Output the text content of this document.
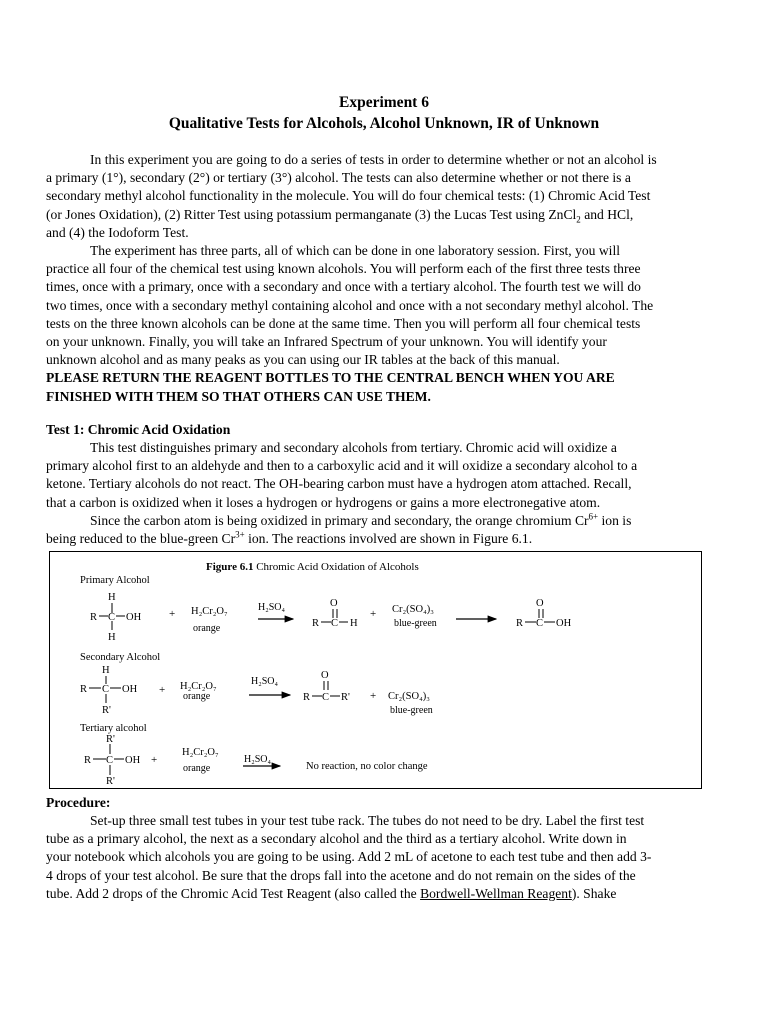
Experiment 6
Qualitative Tests for Alcohols, Alcohol Unknown, IR of Unknown
In this experiment you are going to do a series of tests in order to determine whether or not an alcohol is
a primary (1°), secondary (2°) or tertiary (3°) alcohol. The tests can also determine whether or not there is a
secondary methyl alcohol functionality in the molecule. You will do four chemical tests: (1) Chromic Acid Test
(or Jones Oxidation), (2) Ritter Test using potassium permanganate (3) the Lucas Test using ZnCl$_2$ and HCl,
and (4) the Iodoform Test.
The experiment has three parts, all of which can be done in one laboratory session. First, you will
practice all four of the chemical test using known alcohols. You will perform each of the first three tests three
times, once with a primary, once with a secondary and once with a tertiary alcohol. The fourth test we will do
two times, once with a secondary methyl containing alcohol and once with a not secondary methyl alcohol. The
tests on the three known alcohols can be done at the same time. Then you will perform all four chemical tests
on your unknown. Finally, you will take an Infrared Spectrum of your unknown. You will identify your
unknown alcohol and as many peaks as you can using our IR tables at the back of this manual.
PLEASE RETURN THE REAGENT BOTTLES TO THE CENTRAL BENCH WHEN YOU ARE
FINISHED WITH THEM SO THAT OTHERS CAN USE THEM.
Test 1: Chromic Acid Oxidation
This test distinguishes primary and secondary alcohols from tertiary. Chromic acid will oxidize a
primary alcohol first to an aldehyde and then to a carboxylic acid and it will oxidize a secondary alcohol to a
ketone. Tertiary alcohols do not react. The OH-bearing carbon must have a hydrogen atom attached. Recall,
that a carbon is oxidized when it loses a hydrogen or hydrogens or gains a more electronegative atom.
Since the carbon atom is being oxidized in primary and secondary, the orange chromium $Cr^{6+}$ ion is
being reduced to the blue-green $Cr^{3+}$ ion. The reactions involved are shown in Figure 6.1.
Figure 6.1 Chromic Acid Oxidation of Alcohols
Primary Alcohol
H
R C OH
H
+ H₂Cr₂O₇
orange
H₂SO₄	O
R C H
+ Cr₂(SO₄)₃
blue-green
O
R C OH
Secondary Alcohol
H
R C OH
R'
+ H₂Cr₂O₇
orange
H₂SO₄
O
R C R' + Cr₂(SO₄)₃
blue-green
Tertiary alcohol
R'
R C OH
R'
+
H₂Cr₂O₇
orange
H₂SO₄
No reaction, no color change
Procedure:
Set-up three small test tubes in your test tube rack. The tubes do not need to be dry. Label the first test
tube as a primary alcohol, the next as a secondary alcohol and the third as a tertiary alcohol. Write down in
your notebook which alcohols you are going to be using. Add 2 mL of acetone to each test tube and then add 3-
4 drops of your test alcohol. Be sure that the drops fall into the acetone and do not remain on the sides of the
tube. Add 2 drops of the Chromic Acid Test Reagent (also called the Bordwell-Wellman Reagent). Shake
